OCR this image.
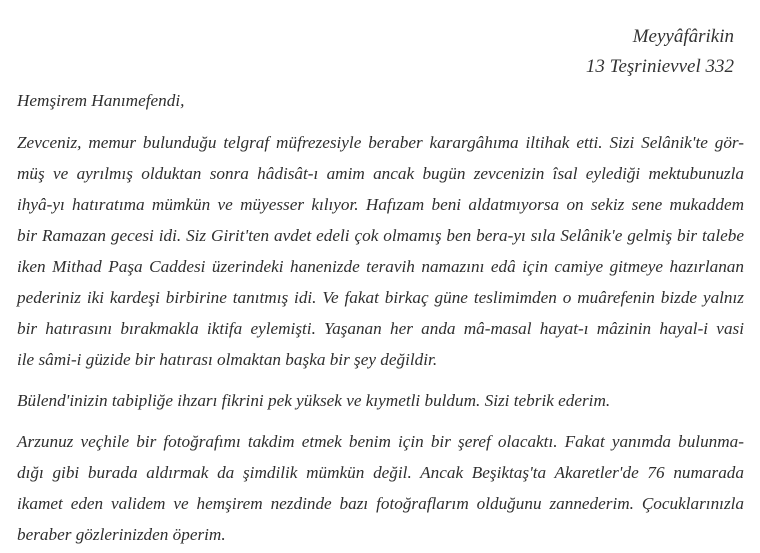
Meyyâfârikin
13 Teşrinievvel 332
Hemşirem Hanımefendi,
Zevceniz, memur bulunduğu telgraf müfrezesiyle beraber karargâhıma iltihak etti. Sizi Selânik'te gör-
müş ve ayrılmış olduktan sonra hâdisât-ı amim ancak bugün zevcenizin îsal eylediği mektubunuzla
ihyâ-yı hatıratıma mümkün ve müyesser kılıyor. Hafızam beni aldatmıyorsa on sekiz sene mukaddem
bir Ramazan gecesi idi. Siz Girit'ten avdet edeli çok olmamış ben bera-yı sıla Selânik'e gelmiş bir talebe
iken Mithad Paşa Caddesi üzerindeki hanenizde teravih namazını edâ için camiye gitmeye hazırlanan
pederiniz iki kardeşi birbirine tanıtmış idi. Ve fakat birkaç güne teslimimden o muârefenin bizde yalnız
bir hatırasını bırakmakla iktifa eylemişti. Yaşanan her anda mâ-masal hayat-ı mâzinin hayal-i vasi
ile sâmi-i güzide bir hatırası olmaktan başka bir şey değildir.
Bülend'inizin tabipliğe ihzarı fikrini pek yüksek ve kıymetli buldum. Sizi tebrik ederim.
Arzunuz veçhile bir fotoğrafımı takdim etmek benim için bir şeref olacaktı. Fakat yanımda bulunma-
dığı gibi burada aldırmak da şimdilik mümkün değil. Ancak Beşiktaş'ta Akaretler'de 76 numarada
ikamet eden validem ve hemşirem nezdinde bazı fotoğraflarım olduğunu zannederim. Çocuklarınızla
beraber gözlerinizden öperim.
